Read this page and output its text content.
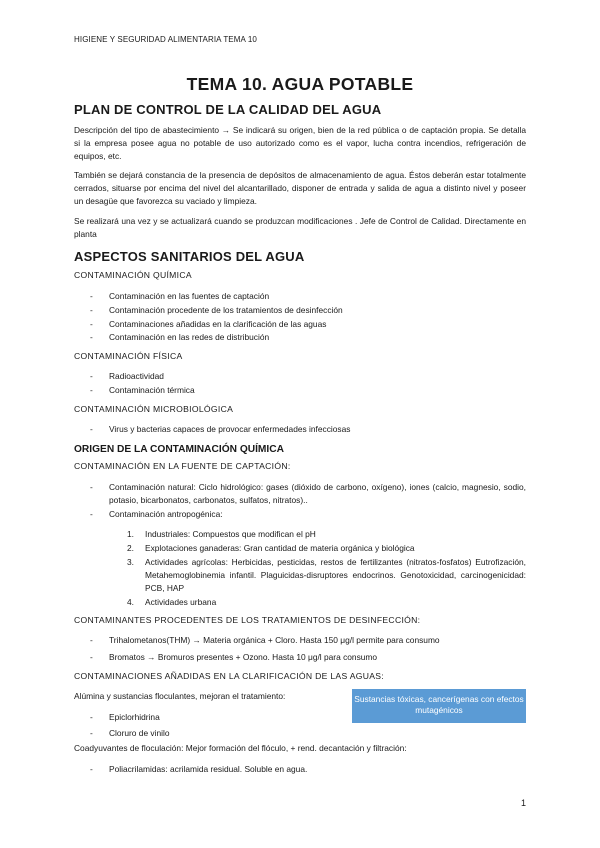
HIGIENE Y SEGURIDAD ALIMENTARIA TEMA 10
TEMA 10. AGUA POTABLE
PLAN DE CONTROL DE LA CALIDAD DEL AGUA
Descripción del tipo de abastecimiento → Se indicará su origen, bien de la red pública o de captación propia. Se detalla si la empresa posee agua no potable de uso autorizado como es el vapor, lucha contra incendios, refrigeración de equipos, etc.
También se dejará constancia de la presencia de depósitos de almacenamiento de agua. Éstos deberán estar totalmente cerrados, situarse por encima del nivel del alcantarillado, disponer de entrada y salida de agua a distinto nivel y poseer un desagüe que favorezca su vaciado y limpieza.
Se realizará una vez y se actualizará cuando se produzcan modificaciones . Jefe de Control de Calidad. Directamente en planta
ASPECTOS SANITARIOS DEL AGUA
CONTAMINACIÓN QUÍMICA
- Contaminación en las fuentes de captación
- Contaminación procedente de los tratamientos de desinfección
- Contaminaciones añadidas en la clarificación de las aguas
- Contaminación en las redes de distribución
CONTAMINACIÓN FÍSICA
- Radioactividad
- Contaminación térmica
CONTAMINACIÓN MICROBIOLÓGICA
- Virus y bacterias capaces de provocar enfermedades infecciosas
ORIGEN DE LA CONTAMINACIÓN QUÍMICA
CONTAMINACIÓN EN LA FUENTE DE CAPTACIÓN:
- Contaminación natural: Ciclo hidrológico: gases (dióxido de carbono, oxígeno), iones (calcio, magnesio, sodio, potasio, bicarbonatos, carbonatos, sulfatos, nitratos)..
- Contaminación antropogénica:
1. Industriales: Compuestos que modifican el pH
2. Explotaciones ganaderas: Gran cantidad de materia orgánica y biológica
3. Actividades agrícolas: Herbicidas, pesticidas, restos de fertilizantes (nitratos-fosfatos) Eutrofización, Metahemoglobinemia infantil. Plaguicidas-disruptores endocrinos. Genotoxicidad, carcinogenicidad: PCB, HAP
4. Actividades urbana
CONTAMINANTES PROCEDENTES DE LOS TRATAMIENTOS DE DESINFECCIÓN:
- Trihalometanos(THM) → Materia orgánica + Cloro. Hasta 150 μg/l permite para consumo
- Bromatos → Bromuros presentes + Ozono. Hasta 10 μg/l para consumo
CONTAMINACIONES AÑADIDAS EN LA CLARIFICACIÓN DE LAS AGUAS:
Alúmina y sustancias floculantes, mejoran el tratamiento:
- Epiclorhidrina
- Cloruro de vinilo
Sustancias tóxicas, cancerígenas con efectos mutagénicos
Coadyuvantes de floculación: Mejor formación del flóculo, + rend. decantación y filtración:
- Poliacrilamidas: acrilamida residual. Soluble en agua.
1
